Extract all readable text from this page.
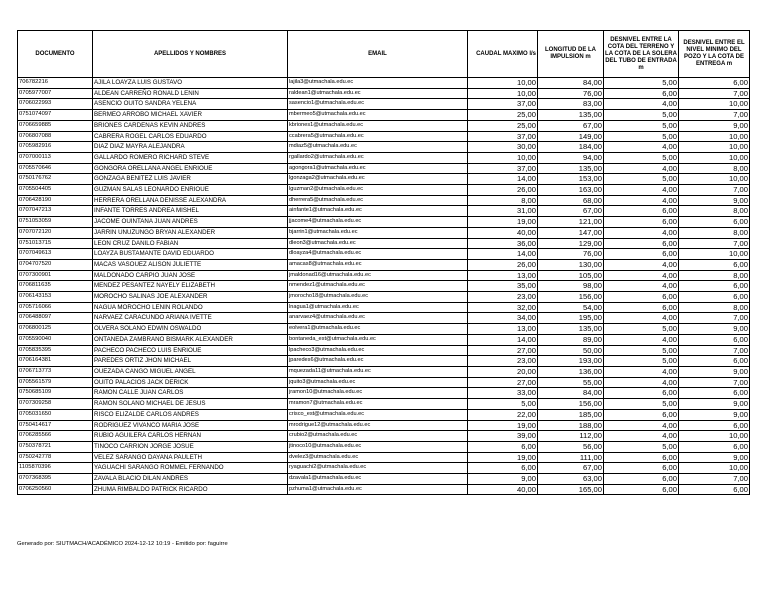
DOCUMENTO	APELLIDOS Y NOMBRES	EMAIL	CAUDAL MAXIMO l/s	LONGITUD DE LA IMPULSION m	DESNIVEL ENTRE LA COTA DEL TERRENO Y LA COTA DE LA SOLERA DEL TUBO DE ENTRADA m	DESNIVEL ENTRE EL NIVEL MINIMO DEL POZO Y LA COTA DE ENTREGA m
706782216	AJILA LOAYZA LUIS GUSTAVO	lajila3@utmachala.edu.ec	10,00	84,00	5,00	6,00
0705977007	ALDEAN CARREÑO RONALD LENIN	raldean1@utmachala.edu.ec	10,00	76,00	6,00	7,00
0706022993	ASENCIO OUITO SANDRA YELENA	sasencio1@utmachala.edu.ec	37,00	83,00	4,00	10,00
0751074097	BERMEO ARROBO MICHAEL XAVIER	mbermeo5@utmachala.edu.ec	25,00	135,00	5,00	7,00
0706659885	BRIONES CARDENAS KEVIN ANDRES	kbriones1@utmachala.edu.ec	25,00	67,00	5,00	9,00
0706807088	CABRERA ROGEL CARLOS EDUARDO	ccabrera5@utmachala.edu.ec	37,00	149,00	5,00	10,00
0705982916	DIAZ DIAZ MAYRA ALEJANDRA	mdiaz5@utmachala.edu.ec	30,00	184,00	4,00	10,00
0707000113	GALLARDO ROMERO RICHARD STEVE	rgallardo2@utmachala.edu.ec	10,00	94,00	5,00	10,00
0705570646	GONGORA ORELLANA ANGEL ENRIOUE	agongora1@utmachala.edu.ec	37,00	135,00	4,00	8,00
0750176762	GONZAGA BENITEZ LUIS JAVIER	lgonzaga2@utmachala.edu.ec	14,00	153,00	5,00	10,00
0705504405	GUZMAN SALAS LEONARDO ENRIOUE	lguzman2@utmachala.edu.ec	26,00	163,00	4,00	7,00
0706428190	HERRERA ORELLANA DENISSE ALEXANDRA	dherrera5@utmachala.edu.ec	8,00	68,00	4,00	9,00
0707047213	INFANTE TORRES ANDREA MISHEL	ainfante1@utmachala.edu.ec	31,00	67,00	6,00	8,00
0751053059	JACOME OUINTANA JUAN ANDRES	jjacome4@utmachala.edu.ec	19,00	121,00	6,00	6,00
0707072120	JARRIN UNUZUNGO BRYAN ALEXANDER	bjarrin1@utmachala.edu.ec	40,00	147,00	4,00	8,00
0751013715	LEON CRUZ DANILO FABIAN	dleon3@utmachala.edu.ec	36,00	129,00	6,00	7,00
0707049613	LOAYZA BUSTAMANTE DAVID EDUARDO	dloayza4@utmachala.edu.ec	14,00	76,00	6,00	10,00
0704707520	MACAS VASOUEZ ALISON JULIETTE	amacas8@utmachala.edu.ec	26,00	130,00	4,00	6,00
0707300901	MALDONADO CARPIO JUAN JOSE	jmaldonad16@utmachala.edu.ec	13,00	105,00	4,00	8,00
0706811635	MENDEZ PESANTEZ NAYELY ELIZABETH	nmendez1@utmachala.edu.ec	35,00	98,00	4,00	6,00
0706143153	MOROCHO SALINAS JOE ALEXANDER	jmorocho18@utmachala.edu.ec	23,00	156,00	6,00	6,00
0705716066	NAGUA MOROCHO LENIN ROLANDO	lnagua1@utmachala.edu.ec	32,00	54,00	6,00	8,00
0706488097	NARVAEZ CARACUNDO ARIANA IVETTE	anarvaez4@utmachala.edu.ec	34,00	195,00	4,00	7,00
0706800125	OLVERA SOLANO EDWIN OSWALDO	eolvera1@utmachala.edu.ec	13,00	135,00	5,00	9,00
0705590040	ONTANEDA ZAMBRANO BISMARK ALEXANDER	bontaneda_est@utmachala.edu.ec	14,00	89,00	4,00	6,00
0705835395	PACHECO PACHECO LUIS ENRIOUE	lpacheco3@utmachala.edu.ec	27,00	50,00	5,00	7,00
0706164381	PAREDES ORTIZ JHON MICHAEL	jparedes6@utmachala.edu.ec	23,00	193,00	5,00	6,00
0706713773	OUEZADA CANGO MIGUEL ANGEL	mquezada11@utmachala.edu.ec	20,00	136,00	4,00	9,00
0705561579	OUITO PALACIOS JACK DERICK	jquito3@utmachala.edu.ec	27,00	55,00	4,00	7,00
0750685109	RAMON CALLE JUAN CARLOS	jramon10@utmachala.edu.ec	33,00	84,00	6,00	6,00
0707309258	RAMON SOLANO MICHAEL DE JESUS	mramon7@utmachala.edu.ec	5,00	156,00	5,00	9,00
0705031650	RISCO ELIZALDE CARLOS ANDRES	crisco_est@utmachala.edu.ec	22,00	185,00	6,00	9,00
0750414617	RODRIGUEZ VIVANCO MARIA JOSE	mrodrigue12@utmachala.edu.ec	19,00	188,00	4,00	6,00
0706285566	RUBIO AGUILERA CARLOS HERNAN	crubio2@utmachala.edu.ec	39,00	112,00	4,00	10,00
0750378721	TINOCO CARRION JORGE JOSUE	jtinoco10@utmachala.edu.ec	6,00	56,00	5,00	6,00
0750242778	VELEZ SARANGO DAYANA PAULETH	dvelez3@utmachala.edu.ec	19,00	111,00	6,00	9,00
1105870396	YAGUACHI SARANGO ROMMEL FERNANDO	ryaguachi2@utmachala.edu.ec	6,00	67,00	6,00	10,00
0707368395	ZAVALA BLACIO DILAN ANDRES	dzavala1@utmachala.edu.ec	9,00	63,00	6,00	7,00
0706250560	ZHUMA RIMBALDO PATRICK RICARDO	pzhuma1@utmachala.edu.ec	40,00	165,00	6,00	6,00
Generado por: SIUTMACH/ACADÉMICO 2024-12-12 10:19 - Emitido por: faguirre
